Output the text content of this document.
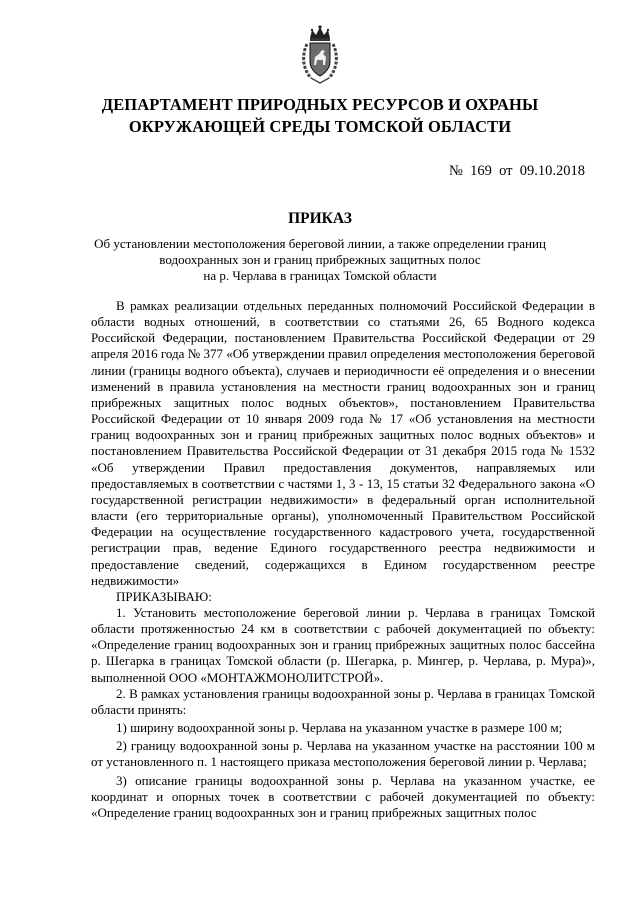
ДЕПАРТАМЕНТ ПРИРОДНЫХ РЕСУРСОВ И ОХРАНЫ
ОКРУЖАЮЩЕЙ СРЕДЫ ТОМСКОЙ ОБЛАСТИ
№  169  от  09.10.2018
ПРИКАЗ
Об установлении местоположения береговой линии, а также определении границ
водоохранных зон и границ прибрежных защитных полос
на р. Черлава в границах Томской области

В рамках реализации отдельных переданных полномочий Российской Федерации в области водных отношений, в соответствии со статьями 26, 65 Водного кодекса Российской Федерации, постановлением Правительства Российской Федерации от 29 апреля 2016 года № 377 «Об утверждении правил определения местоположения береговой линии (границы водного объекта), случаев и периодичности её определения и о внесении изменений в правила установления на местности границ водоохранных зон и границ прибрежных защитных полос водных объектов», постановлением Правительства Российской Федерации от 10 января 2009 года № 17 «Об установления на местности границ водоохранных зон и границ прибрежных защитных полос водных объектов» и постановлением Правительства Российской Федерации от 31 декабря 2015 года № 1532 «Об утверждении Правил предоставления документов, направляемых или предоставляемых в соответствии с частями 1, 3 - 13, 15 статьи 32 Федерального закона «О государственной регистрации недвижимости» в федеральный орган исполнительной власти (его территориальные органы), уполномоченный Правительством Российской Федерации на осуществление государственного кадастрового учета, государственной регистрации прав, ведение Единого государственного реестра недвижимости и предоставление сведений, содержащихся в Едином государственном реестре недвижимости»

ПРИКАЗЫВАЮ:

1. Установить местоположение береговой линии р. Черлава в границах Томской области протяженностью 24 км в соответствии с рабочей документацией по объекту: «Определение границ водоохранных зон и границ прибрежных защитных полос бассейна р. Шегарка в границах Томской области (р. Шегарка, р. Мингер, р. Черлава, р. Мура)», выполненной ООО «МОНТАЖМОНОЛИТСТРОЙ».

2. В рамках установления границы водоохранной зоны р. Черлава в границах Томской области принять:

1) ширину водоохранной зоны р. Черлава на указанном участке в размере 100 м;

2) границу водоохранной зоны р. Черлава на указанном участке на расстоянии 100 м от установленного п. 1 настоящего приказа местоположения береговой линии р. Черлава;

3) описание границы водоохранной зоны р. Черлава на указанном участке, ее координат и опорных точек в соответствии с рабочей документацией по объекту: «Определение границ водоохранных зон и границ прибрежных защитных полос
